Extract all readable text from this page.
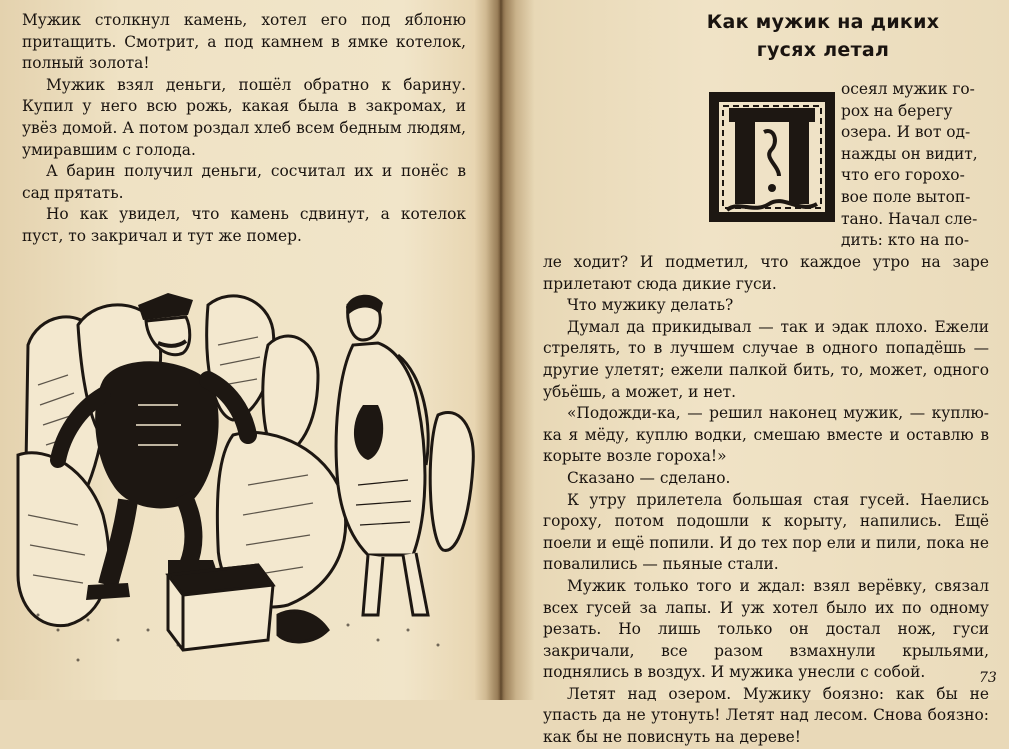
Мужик столкнул камень, хотел его под яблоню притащить. Смотрит, а под камнем в ямке котелок, полный золота!

Мужик взял деньги, пошёл обратно к барину. Купил у него всю рожь, какая была в закромах, и увёз домой. А потом роздал хлеб всем бедным людям, умиравшим с голода.

А барин получил деньги, сосчитал их и понёс в сад прятать.

Но как увидел, что камень сдвинут, а котелок пуст, то закричал и тут же помер.

Как мужик на диких
гусях летал
осеял мужик го-
рох на берегу
озера. И вот од-
нажды он видит,
что его горохо-
вое поле вытоп-
тано. Начал сле-
дить: кто на по-

ле ходит? И подметил, что каждое утро на заре прилетают сюда дикие гуси.

Что мужику делать?

Думал да прикидывал — так и эдак плохо. Ежели стрелять, то в лучшем случае в одного попадёшь — другие улетят; ежели палкой бить, то, может, одного убьёшь, а может, и нет.

«Подожди-ка, — решил наконец мужик, — куплю-ка я мёду, куплю водки, смешаю вместе и оставлю в корыте возле гороха!»

Сказано — сделано.

К утру прилетела большая стая гусей. Наелись гороху, потом подошли к корыту, напились. Ещё поели и ещё попили. И до тех пор ели и пили, пока не повалились — пьяные стали.

Мужик только того и ждал: взял верёвку, связал всех гусей за лапы. И уж хотел было их по одному резать. Но лишь только он достал нож, гуси закричали, все разом взмахнули крыльями, поднялись в воздух. И мужика унесли с собой.

Летят над озером. Мужику боязно: как бы не упасть да не утонуть! Летят над лесом. Снова боязно: как бы не повиснуть на дереве!

73
